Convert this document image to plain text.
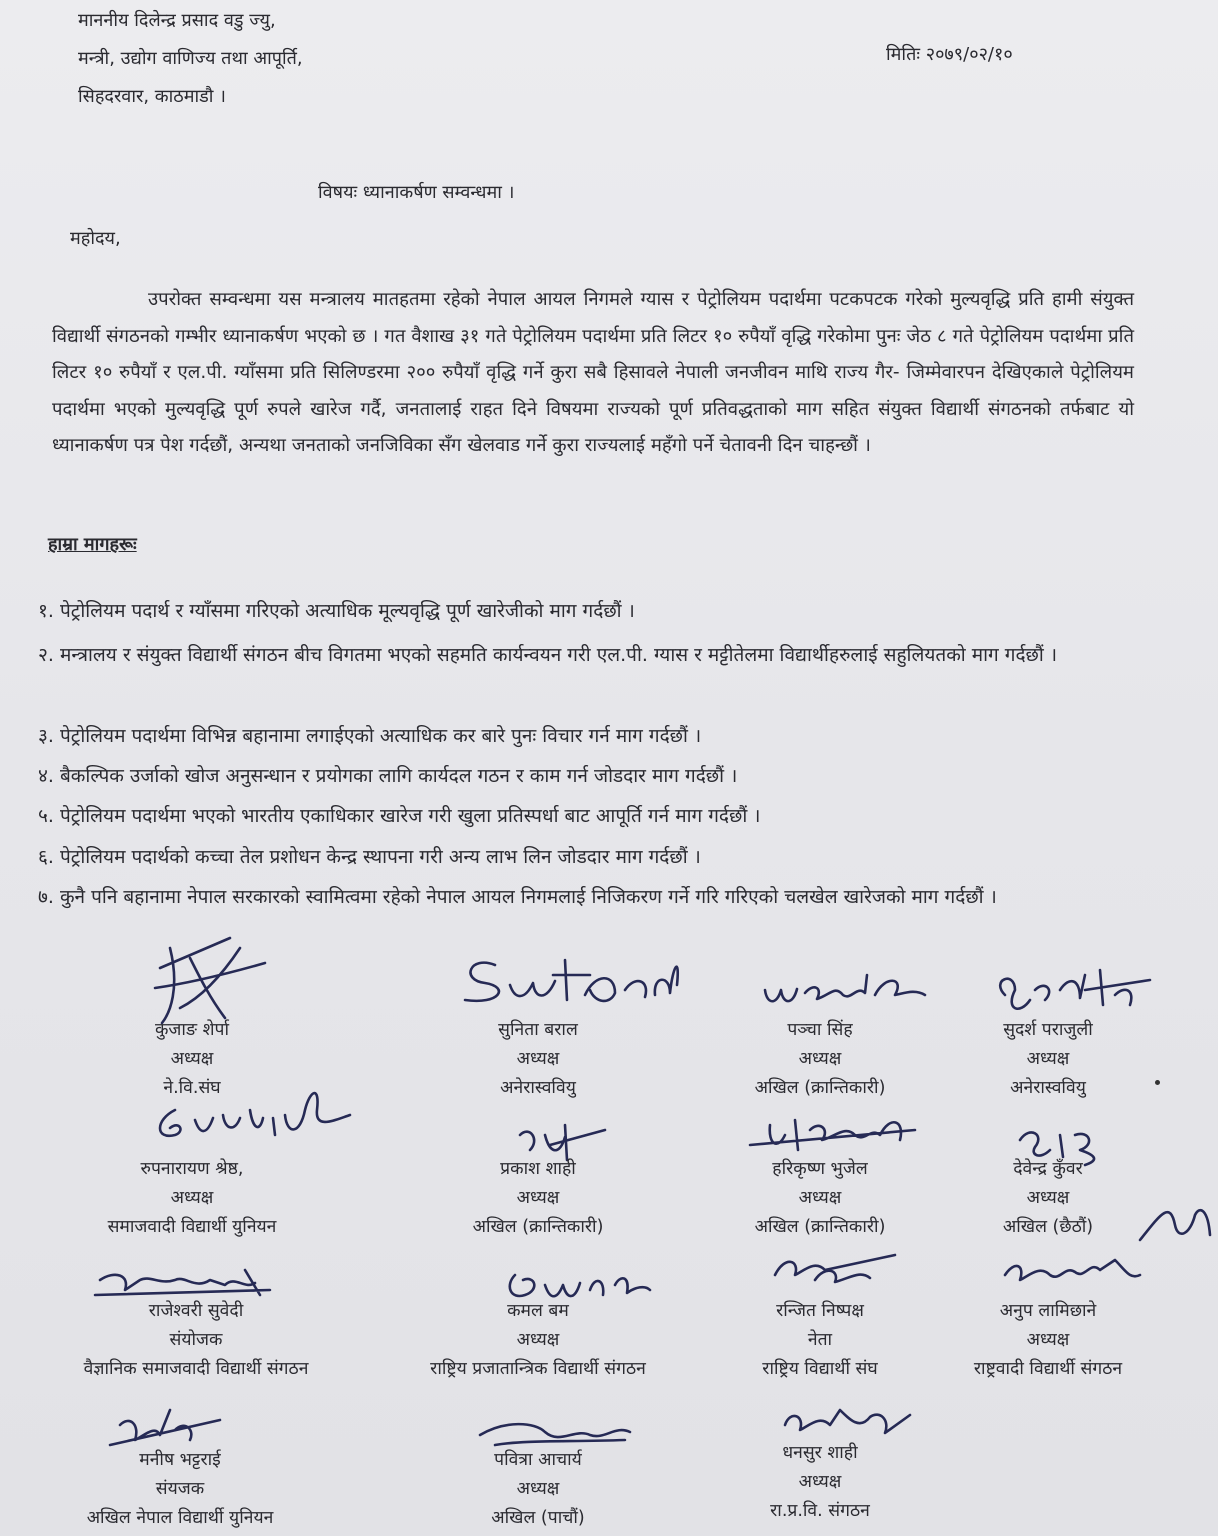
माननीय दिलेन्द्र प्रसाद वडु ज्यु,
मन्त्री, उद्योग वाणिज्य तथा आपूर्ति,
सिहदरवार, काठमाडौ ।
मितिः २०७९/०२/१०
विषयः ध्यानाकर्षण सम्वन्धमा ।
महोदय,
उपरोक्त सम्वन्धमा यस मन्त्रालय मातहतमा रहेको नेपाल आयल निगमले ग्यास र पेट्रोलियम पदार्थमा पटकपटक गरेको मुल्यवृद्धि प्रति हामी संयुक्त विद्यार्थी संगठनको गम्भीर ध्यानाकर्षण भएको छ । गत वैशाख ३१ गते पेट्रोलियम पदार्थमा प्रति लिटर १० रुपैयाँ वृद्धि गरेकोमा पुनः जेठ ८ गते पेट्रोलियम पदार्थमा प्रति लिटर १० रुपैयाँ र एल.पी. ग्याँसमा प्रति सिलिण्डरमा २०० रुपैयाँ वृद्धि गर्ने कुरा सबै हिसावले नेपाली जनजीवन माथि राज्य गैर- जिम्मेवारपन देखिएकाले पेट्रोलियम पदार्थमा भएको मुल्यवृद्धि पूर्ण रुपले खारेज गर्दै, जनतालाई राहत दिने विषयमा राज्यको पूर्ण प्रतिवद्धताको माग सहित संयुक्त विद्यार्थी संगठनको तर्फबाट यो ध्यानाकर्षण पत्र पेश गर्दछौं, अन्यथा जनताको जनजिविका सँग खेलवाड गर्ने कुरा राज्यलाई महँगो पर्ने चेतावनी दिन चाहन्छौं ।
हाम्रा मागहरूः
१. पेट्रोलियम पदार्थ र ग्याँसमा गरिएको अत्याधिक मूल्यवृद्धि पूर्ण खारेजीको माग गर्दछौं ।
२. मन्त्रालय र संयुक्त विद्यार्थी संगठन बीच विगतमा भएको सहमति कार्यन्वयन गरी एल.पी. ग्यास र मट्टीतेलमा विद्यार्थीहरुलाई सहुलियतको माग गर्दछौं ।
३. पेट्रोलियम पदार्थमा विभिन्न बहानामा लगाईएको अत्याधिक कर बारे पुनः विचार गर्न माग गर्दछौं ।
४. बैकल्पिक उर्जाको खोज अनुसन्धान र प्रयोगका लागि कार्यदल गठन र काम गर्न जोडदार माग गर्दछौं ।
५. पेट्रोलियम पदार्थमा भएको भारतीय एकाधिकार खारेज गरी खुला प्रतिस्पर्धा बाट आपूर्ति गर्न माग गर्दछौं ।
६. पेट्रोलियम पदार्थको कच्चा तेल प्रशोधन केन्द्र स्थापना गरी अन्य लाभ लिन जोडदार माग गर्दछौं ।
७. कुनै पनि बहानामा नेपाल सरकारको स्वामित्वमा रहेको नेपाल आयल निगमलाई निजिकरण गर्ने गरि गरिएको चलखेल खारेजको माग गर्दछौं ।
कुजाङ शेर्पा
अध्यक्ष
ने.वि.संघ
सुनिता बराल
अध्यक्ष
अनेरास्ववियु
पञ्चा सिंह
अध्यक्ष
अखिल (क्रान्तिकारी)
सुदर्श पराजुली
अध्यक्ष
अनेरास्ववियु
रुपनारायण श्रेष्ठ,
अध्यक्ष
समाजवादी विद्यार्थी युनियन
प्रकाश शाही
अध्यक्ष
अखिल (क्रान्तिकारी)
हरिकृष्ण भुजेल
अध्यक्ष
अखिल (क्रान्तिकारी)
देवेन्द्र कुँवर
अध्यक्ष
अखिल (छैठौं)
राजेश्वरी सुवेदी
संयोजक
वैज्ञानिक समाजवादी विद्यार्थी संगठन
कमल बम
अध्यक्ष
राष्ट्रिय प्रजातान्त्रिक विद्यार्थी संगठन
रन्जित निष्पक्ष
नेता
राष्ट्रिय विद्यार्थी संघ
अनुप लामिछाने
अध्यक्ष
राष्ट्रवादी विद्यार्थी संगठन
मनीष भट्टराई
संयजक
अखिल नेपाल विद्यार्थी युनियन
पवित्रा आचार्य
अध्यक्ष
अखिल (पाचौं)
धनसुर शाही
अध्यक्ष
रा.प्र.वि. संगठन
